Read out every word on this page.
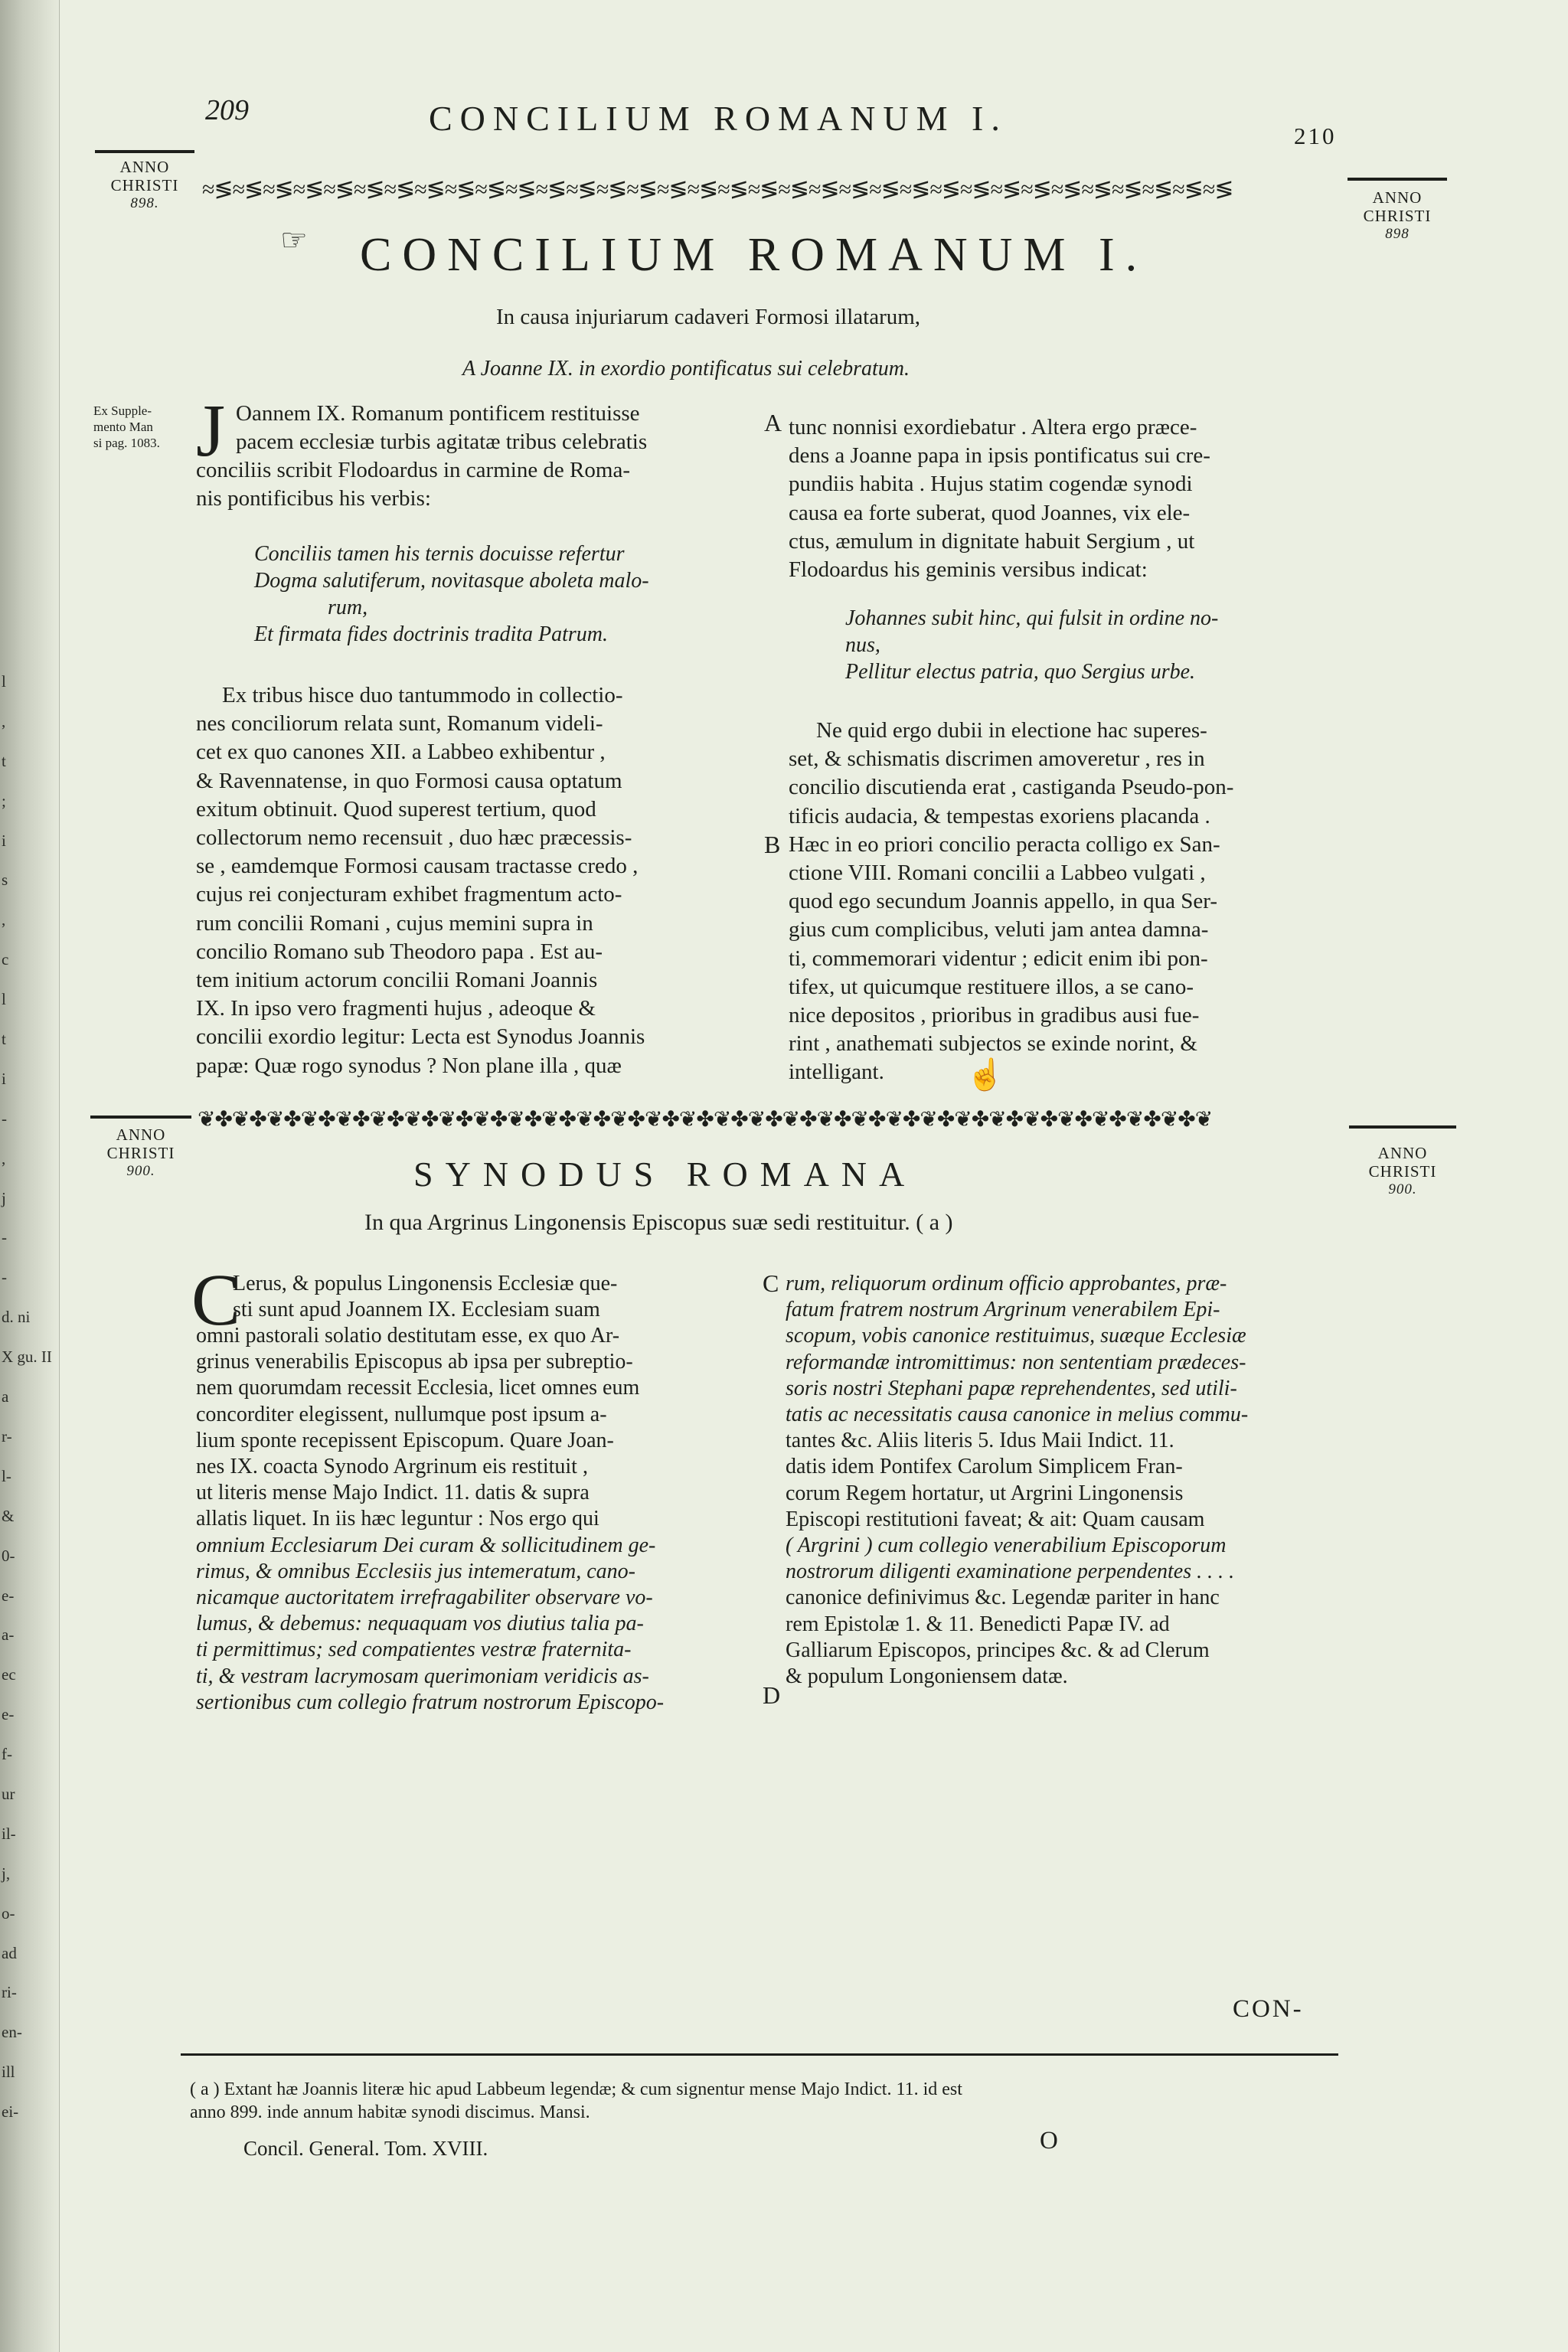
l
,
t
;
i
s
,
c
l
t
i
-
,
j
-
-
d. ni
X gu. II
a
r-
l-
&
0-
e-
a-
ec
e-
f-
ur
il-
j,
o-
ad
ri-
en-
ill
ei-
209	CONCILIUM ROMANUM I.	210
ANNO
CHRISTI
898.
≈≶≈≶≈≶≈≶≈≶≈≶≈≶≈≶≈≶≈≶≈≶≈≶≈≶≈≶≈≶≈≶≈≶≈≶≈≶≈≶≈≶≈≶≈≶≈≶≈≶≈≶≈≶≈≶≈≶≈≶≈≶≈≶≈≶≈≶	ANNO
CHRISTI
898
☞ CONCILIUM ROMANUM I.
In causa injuriarum cadaveri Formosi illatarum,
A Joanne IX. in exordio pontificatus sui celebratum.
Ex Supple-
mento Man
si pag. 1083. J Oannem IX. Romanum pontificem restituisse
pacem ecclesiæ turbis agitatæ tribus celebratis
conciliis scribit Flodoardus in carmine de Roma-
nis pontificibus his verbis:
Conciliis tamen his ternis docuisse refertur
Dogma salutiferum, novitasque aboleta malo-
rum,
Et firmata fides doctrinis tradita Patrum.
Ex tribus hisce duo tantummodo in collectio-
nes conciliorum relata sunt, Romanum videli-
cet ex quo canones XII. a Labbeo exhibentur ,
& Ravennatense, in quo Formosi causa optatum
exitum obtinuit. Quod superest tertium, quod
collectorum nemo recensuit , duo hæc præcessis-
se , eamdemque Formosi causam tractasse credo ,
cujus rei conjecturam exhibet fragmentum acto-
rum concilii Romani , cujus memini supra in
concilio Romano sub Theodoro papa . Est au-
tem initium actorum concilii Romani Joannis
IX. In ipso vero fragmenti hujus , adeoque &
concilii exordio legitur: Lecta est Synodus Joannis
papæ: Quæ rogo synodus ? Non plane illa , quæ
A
B
tunc nonnisi exordiebatur . Altera ergo præce-
dens a Joanne papa in ipsis pontificatus sui cre-
pundiis habita . Hujus statim cogendæ synodi
causa ea forte suberat, quod Joannes, vix ele-
ctus, æmulum in dignitate habuit Sergium , ut
Flodoardus his geminis versibus indicat:
Johannes subit hinc, qui fulsit in ordine no-
nus,
Pellitur electus patria, quo Sergius urbe.
Ne quid ergo dubii in electione hac superes-
set, & schismatis discrimen amoveretur , res in
concilio discutienda erat , castiganda Pseudo-pon-
tificis audacia, & tempestas exoriens placanda .
Hæc in eo priori concilio peracta colligo ex San-
ctione VIII. Romani concilii a Labbeo vulgati ,
quod ego secundum Joannis appello, in qua Ser-
gius cum complicibus, veluti jam antea damna-
ti, commemorari videntur ; edicit enim ibi pon-
tifex, ut quicumque restituere illos, a se cano-
nice depositos , prioribus in gradibus ausi fue-
rint , anathemati subjectos se exinde norint, &
intelligant.	☝
ANNO
CHRISTI
900.
❦✤❦✤❦✤❦✤❦✤❦✤❦✤❦✤❦✤❦✤❦✤❦✤❦✤❦✤❦✤❦✤❦✤❦✤❦✤❦✤❦✤❦✤❦✤❦✤❦✤❦✤❦✤❦✤❦✤❦
ANNO
CHRISTI
900.
SYNODUS ROMANA
In qua Argrinus Lingonensis Episcopus suæ sedi restituitur. ( a )
C
Lerus, & populus Lingonensis Ecclesiæ que-
sti sunt apud Joannem IX. Ecclesiam suam
omni pastorali solatio destitutam esse, ex quo Ar-
grinus venerabilis Episcopus ab ipsa per subreptio-
nem quorumdam recessit Ecclesia, licet omnes eum
concorditer elegissent, nullumque post ipsum a-
lium sponte recepissent Episcopum. Quare Joan-
nes IX. coacta Synodo Argrinum eis restituit ,
ut literis mense Majo Indict. 11. datis & supra
allatis liquet. In iis hæc leguntur : Nos ergo qui
omnium Ecclesiarum Dei curam & sollicitudinem ge-
rimus, & omnibus Ecclesiis jus intemeratum, cano-
nicamque auctoritatem irrefragabiliter observare vo-
lumus, & debemus: nequaquam vos diutius talia pa-
ti permittimus; sed compatientes vestræ fraternita-
ti, & vestram lacrymosam querimoniam veridicis as-
sertionibus cum collegio fratrum nostrorum Episcopo-
C
D
rum, reliquorum ordinum officio approbantes, præ-
fatum fratrem nostrum Argrinum venerabilem Epi-
scopum, vobis canonice restituimus, suæque Ecclesiæ
reformandæ intromittimus: non sententiam prædeces-
soris nostri Stephani papæ reprehendentes, sed utili-
tatis ac necessitatis causa canonice in melius commu-
tantes &c. Aliis literis 5. Idus Maii Indict. 11.
datis idem Pontifex Carolum Simplicem Fran-
corum Regem hortatur, ut Argrini Lingonensis
Episcopi restitutioni faveat; & ait: Quam causam
( Argrini ) cum collegio venerabilium Episcoporum
nostrorum diligenti examinatione perpendentes . . . .
canonice definivimus &c. Legendæ pariter in hanc
rem Epistolæ 1. & 11. Benedicti Papæ IV. ad
Galliarum Episcopos, principes &c. & ad Clerum
& populum Longoniensem datæ.
CON-
( a ) Extant hæ Joannis literæ hic apud Labbeum legendæ; & cum signentur mense Majo Indict. 11. id est
anno 899. inde annum habitæ synodi discimus. Mansi.
Concil. General. Tom. XVIII.	O
